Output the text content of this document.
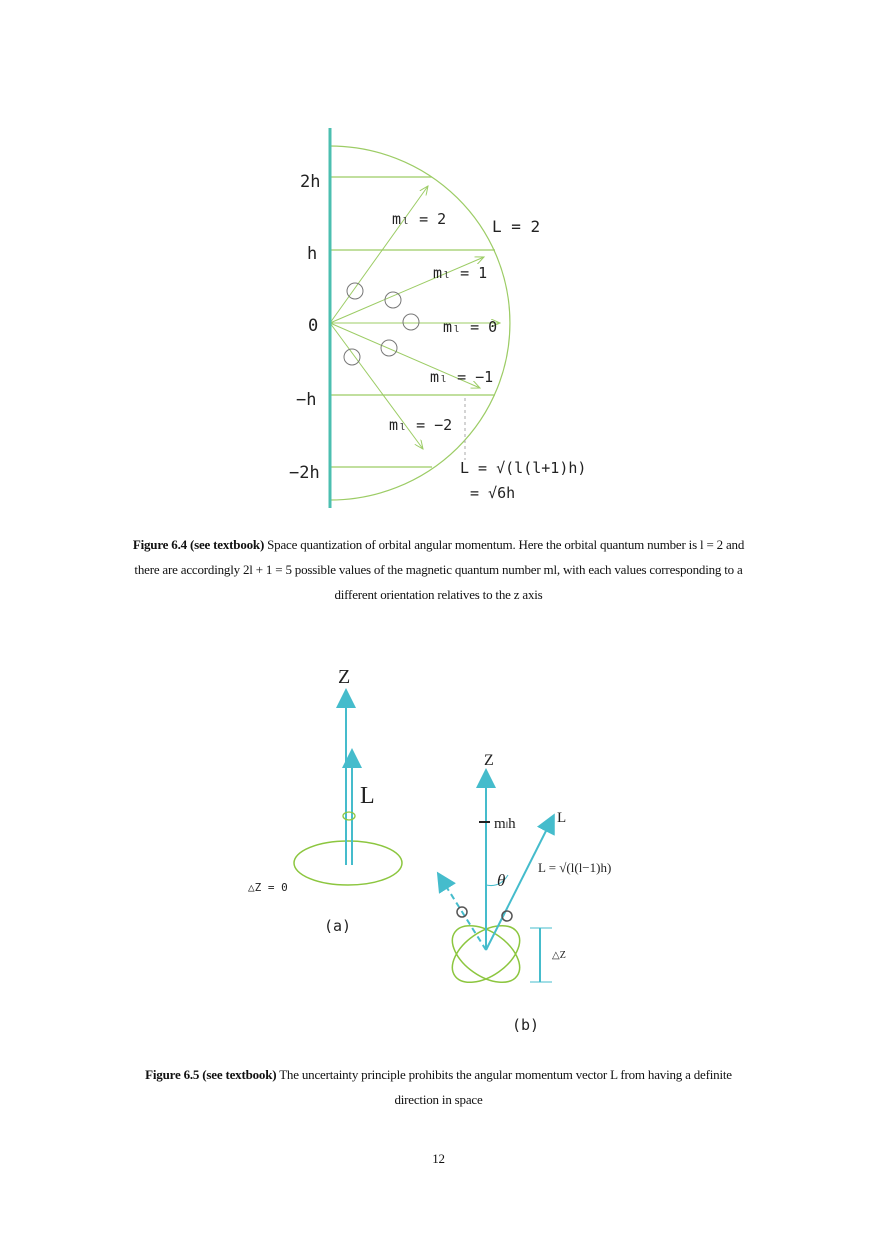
2h
h
0
−h
−2h
mₗ = 2
mₗ = 1
mₗ = 0
mₗ = −1
mₗ = −2
L = 2
L = √(l(l+1)h)
= √6h
Z
L
△Z = 0
(a)
Z
mₗh	L
L = √(l(l−1)h)
θ
△Z
(b)
Figure 6.4 (see textbook) Space quantization of orbital angular momentum. Here the orbital quantum number is l = 2 and there are accordingly 2l + 1 = 5 possible values of the magnetic quantum number ml, with each values corresponding to a different orientation relatives to the z axis
Figure 6.5 (see textbook) The uncertainty principle prohibits the angular momentum vector L from having a definite direction in space
12
